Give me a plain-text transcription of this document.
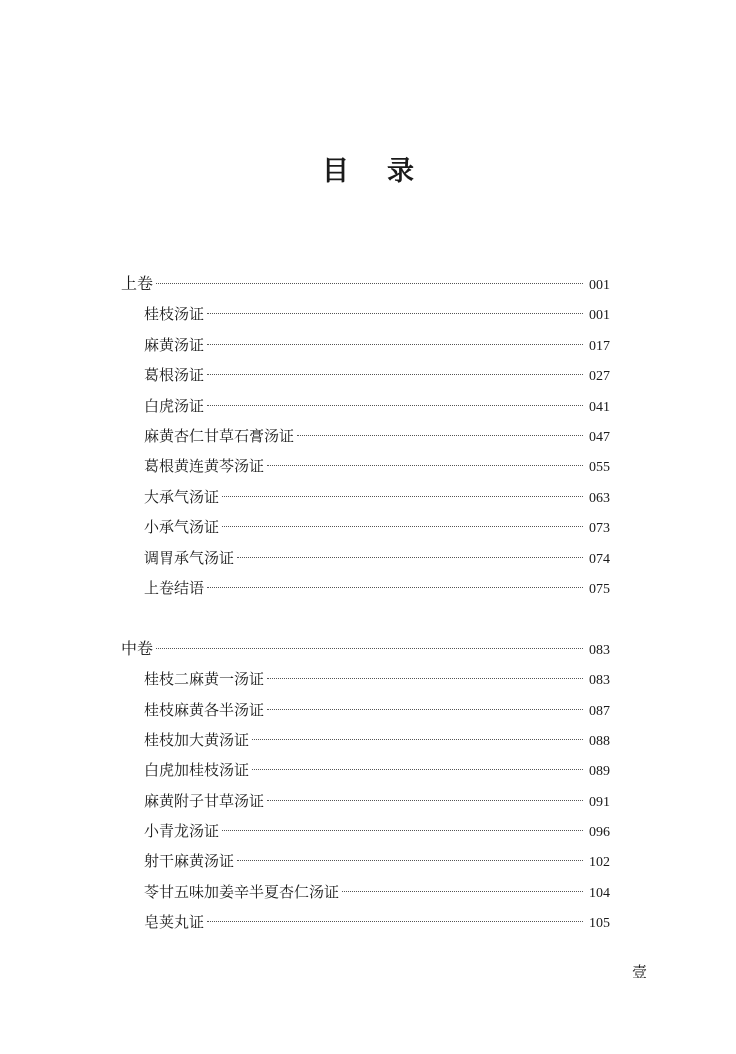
目录
上卷	001
桂枝汤证	001
麻黄汤证	017
葛根汤证	027
白虎汤证	041
麻黄杏仁甘草石膏汤证	047
葛根黄连黄芩汤证	055
大承气汤证	063
小承气汤证	073
调胃承气汤证	074
上卷结语	075
中卷	083
桂枝二麻黄一汤证	083
桂枝麻黄各半汤证	087
桂枝加大黄汤证	088
白虎加桂枝汤证	089
麻黄附子甘草汤证	091
小青龙汤证	096
射干麻黄汤证	102
苓甘五味加姜辛半夏杏仁汤证	104
皂荚丸证	105
壹
